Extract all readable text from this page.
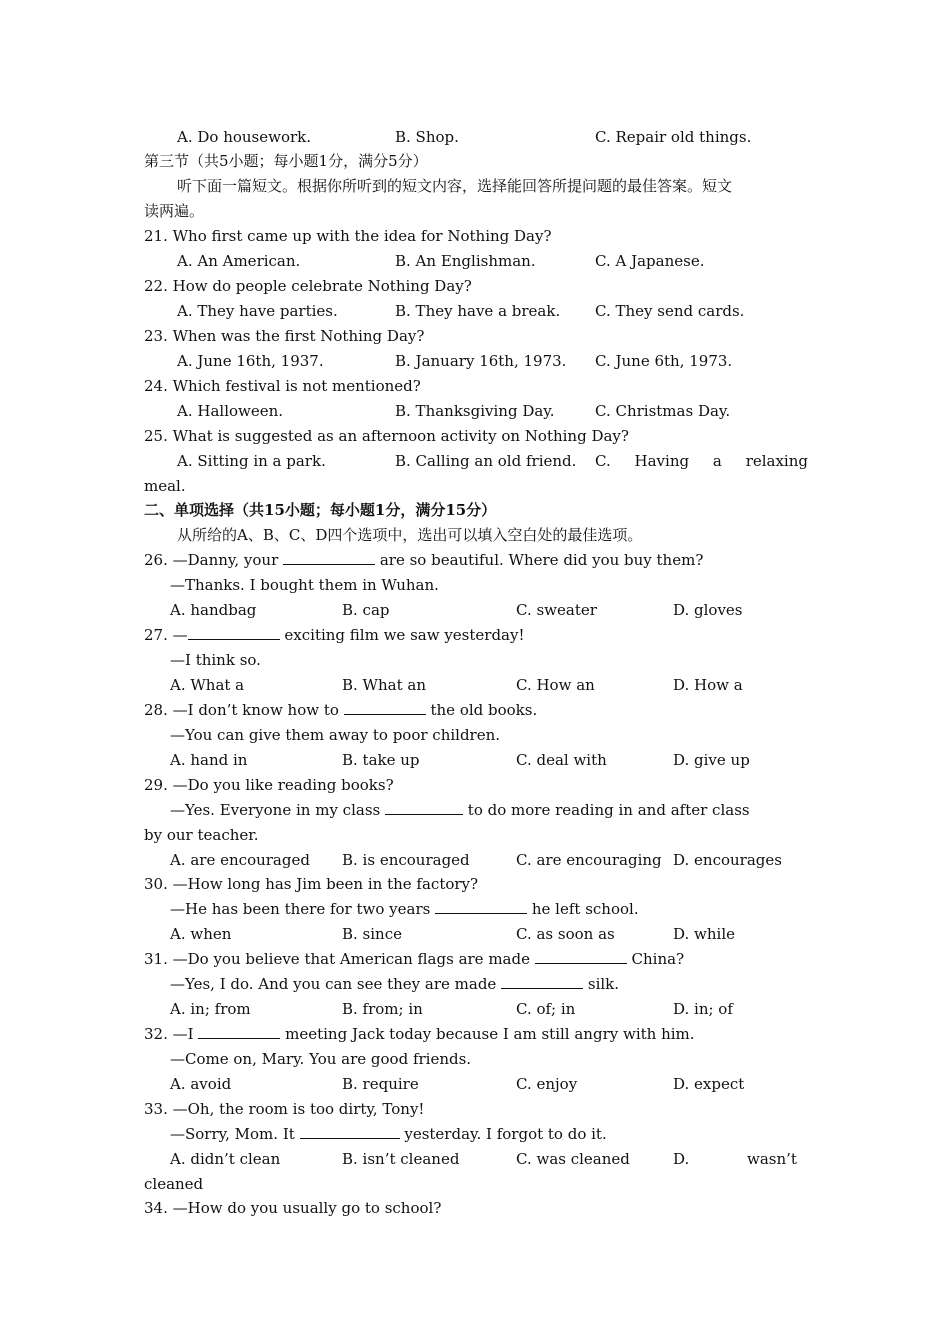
A. Do housework.	B. Shop.	C. Repair old things.
第三节（共5小题；每小题1分，满分5分）
听下面一篇短文。根据你所听到的短文内容，选择能回答所提问题的最佳答案。短文
读两遍。
21. Who first came up with the idea for Nothing Day?
A. An American.	B. An Englishman.	C. A Japanese.
22. How do people celebrate Nothing Day?
A. They have parties.	B. They have a break. C. They send cards.
23. When was the first Nothing Day?
A. June 16th, 1937.	B. January 16th, 1973. C. June 6th, 1973.
24. Which festival is not mentioned?
A. Halloween.	B. Thanksgiving Day.	C. Christmas Day.
25. What is suggested as an afternoon activity on Nothing Day?
A. Sitting in a park.	B. Calling an old friend. C. Having a relaxing
meal.
二、单项选择（共15小题；每小题1分，满分15分）
从所给的A、B、C、D四个选项中，选出可以填入空白处的最佳选项。
26. —Danny, your	are so beautiful. Where did you buy them?
—Thanks. I bought them in Wuhan.
A. handbag	B. cap	C. sweater	D. gloves
27. —	exciting film we saw yesterday!
—I think so.
A. What a	B. What an	C. How an	D. How a
28. —I don’t know how to	the old books.
—You can give them away to poor children.
A. hand in	B. take up	C. deal with	D. give up
29. —Do you like reading books?
—Yes. Everyone in my class	to do more reading in and after class
by our teacher.
A. are encouraged B. is encouraged	C. are encouraging D. encourages
30. —How long has Jim been in the factory?
—He has been there for two years	he left school.
A. when	B. since	C. as soon as	D. while
31. —Do you believe that American flags are made	China?
—Yes, I do. And you can see they are made	silk.
A. in; from	B. from; in	C. of; in	D. in; of
32. —I	meeting Jack today because I am still angry with him.
—Come on, Mary. You are good friends.
A. avoid	B. require	C. enjoy	D. expect
33. —Oh, the room is too dirty, Tony!
—Sorry, Mom. It	yesterday. I forgot to do it.
A. didn’t clean	B. isn’t cleaned	C. was cleaned	D.	wasn’t
cleaned
34. —How do you usually go to school?
